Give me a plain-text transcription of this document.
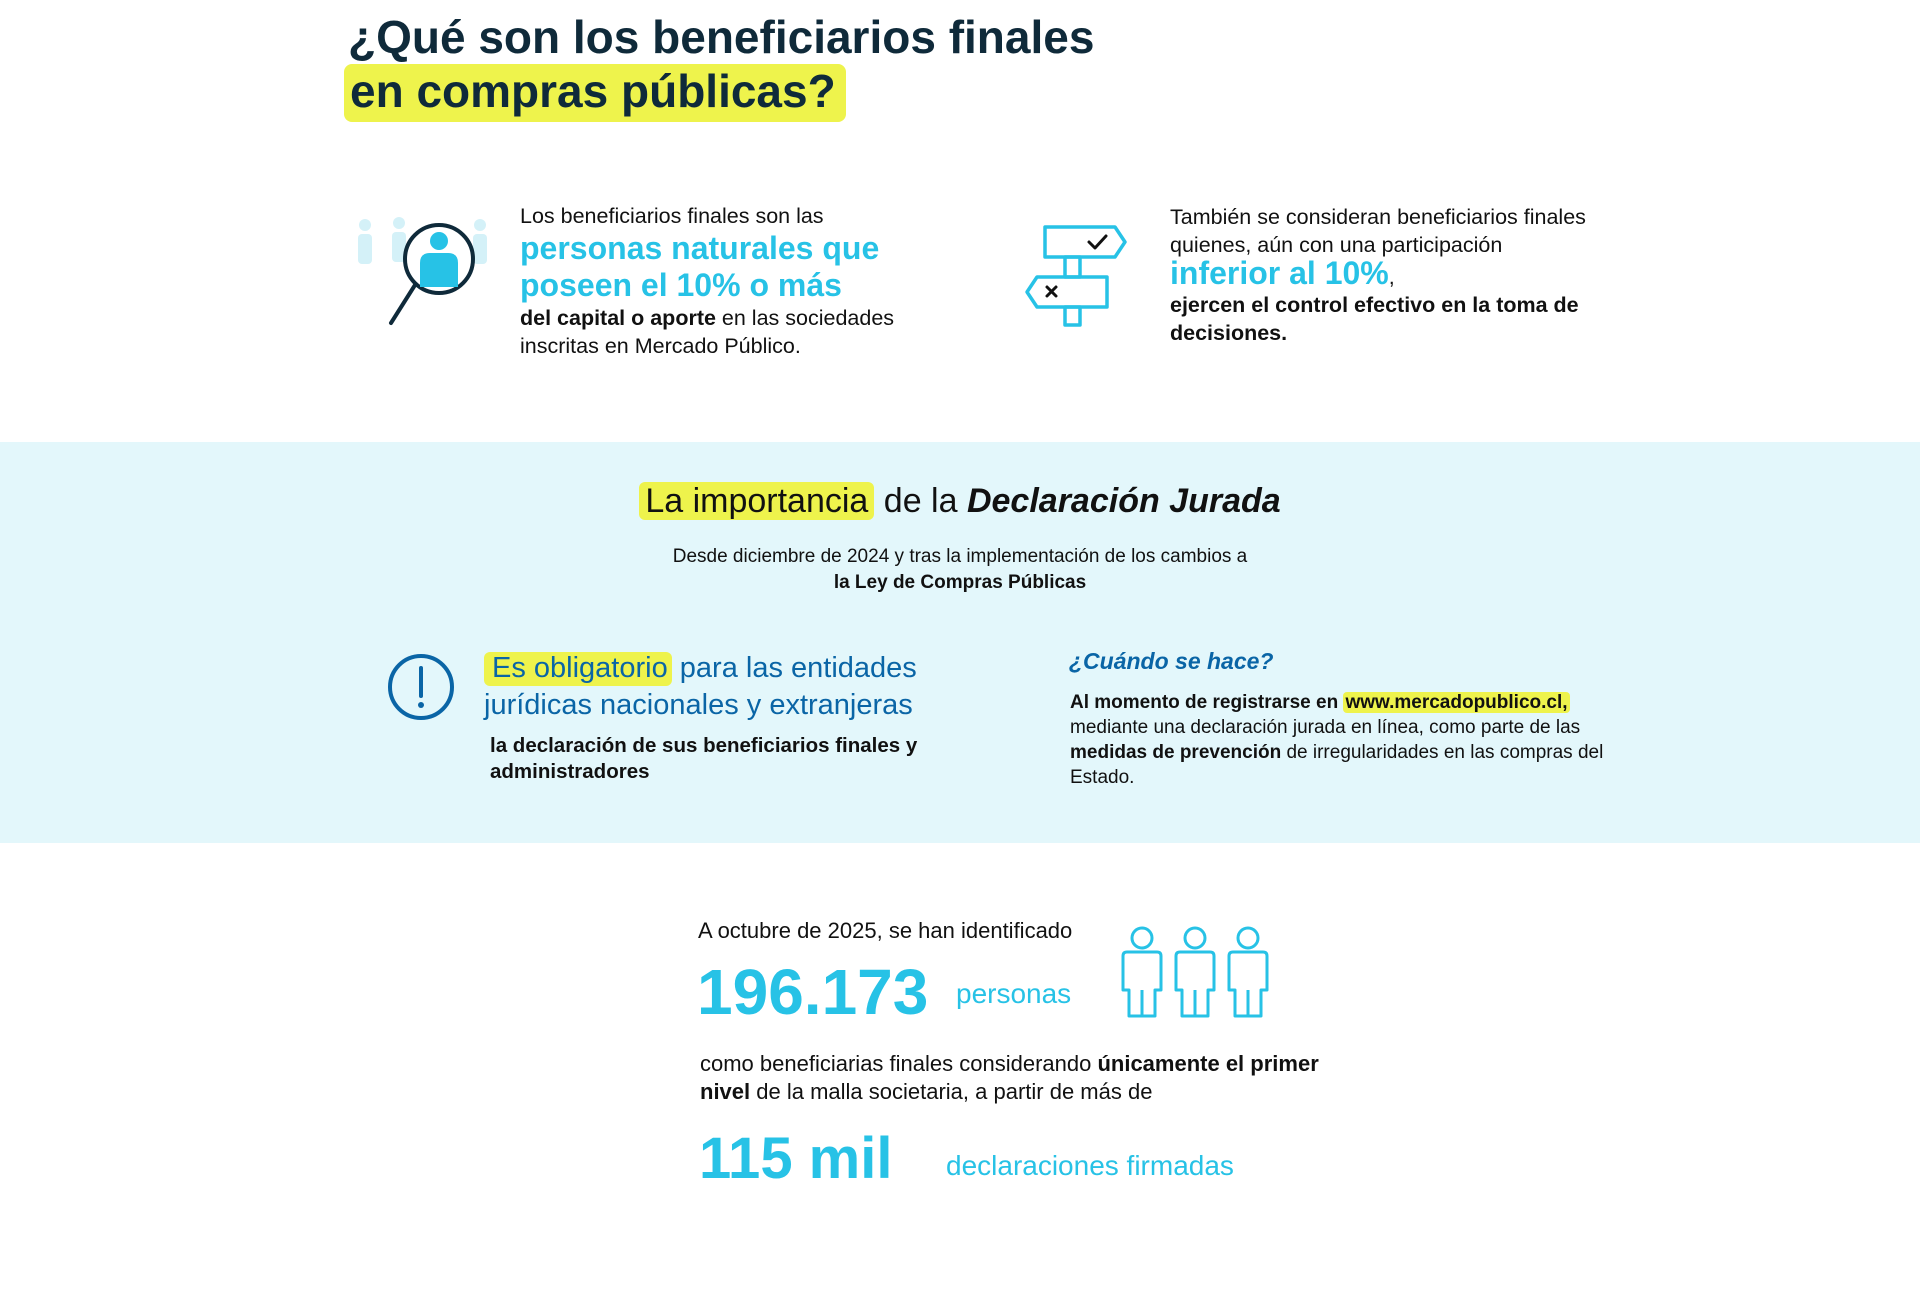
¿Qué son los beneficiarios finales
en compras públicas?
Los beneficiarios finales son las
personas naturales que poseen el 10% o más
del capital o aporte en las sociedades inscritas en Mercado Público.
También se consideran beneficiarios finales quienes, aún con una participación inferior al 10%,
ejercen el control efectivo en la toma de decisiones.
La importancia de la Declaración Jurada
Desde diciembre de 2024 y tras la implementación de los cambios a
la Ley de Compras Públicas
Es obligatorio para las entidades jurídicas nacionales y extranjeras
la declaración de sus beneficiarios finales y administradores
¿Cuándo se hace?
Al momento de registrarse en www.mercadopublico.cl, mediante una declaración jurada en línea, como parte de las medidas de prevención de irregularidades en las compras del Estado.
A octubre de 2025, se han identificado
196.173 personas
como beneficiarias finales considerando únicamente el primer nivel de la malla societaria, a partir de más de
115 mil declaraciones firmadas
